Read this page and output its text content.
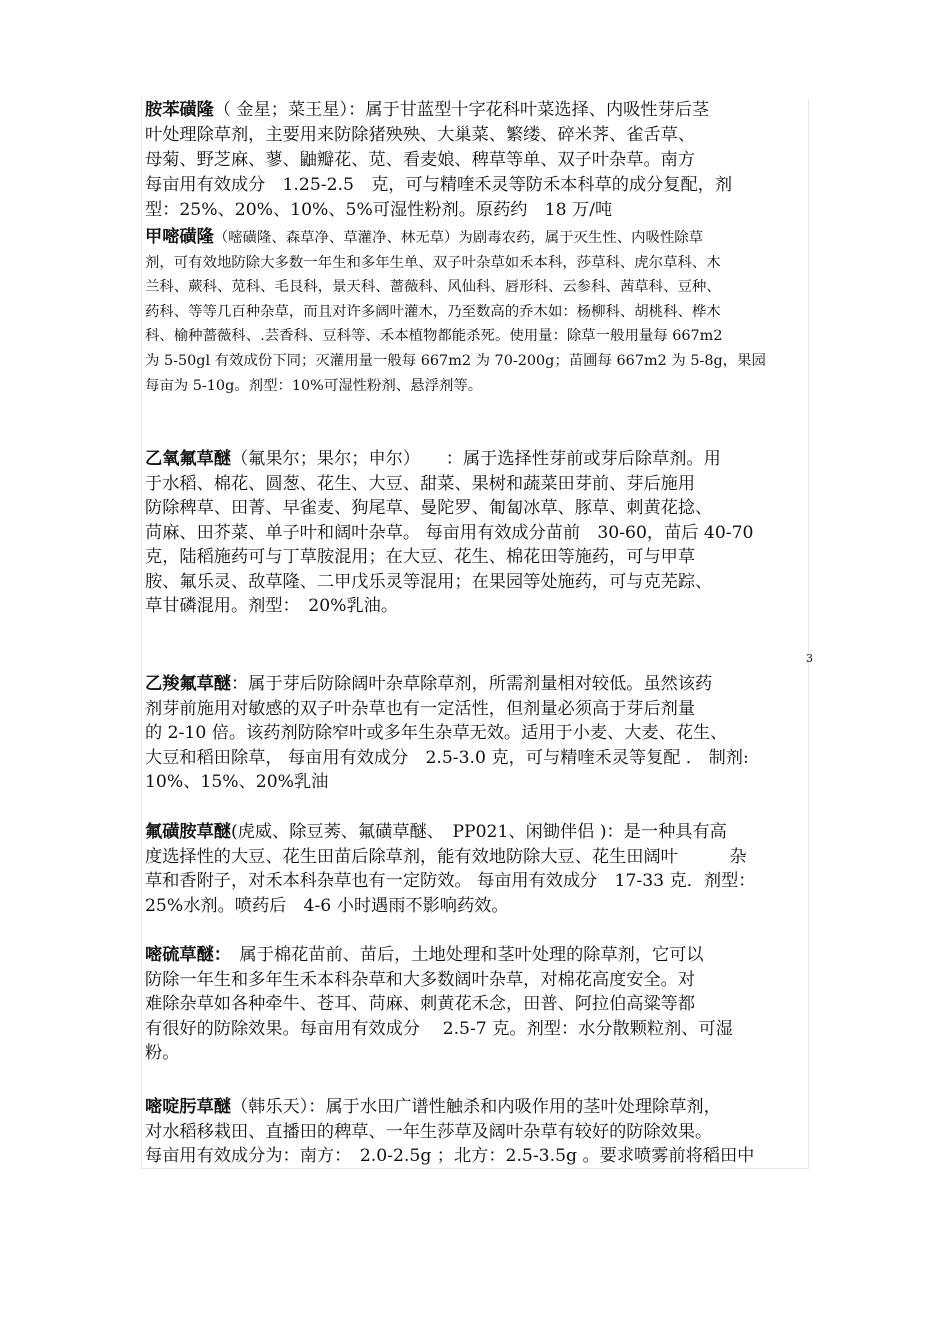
3
胺苯磺隆（ 金星；菜王星）：属于甘蓝型十字花科叶菜选择、内吸性芽后茎
叶处理除草剂，主要用来防除猪殃殃、大巢菜、繁缕、碎米荠、雀舌草、
母菊、野芝麻、蓼、鼬瓣花、苋、看麦娘、稗草等单、双子叶杂草。南方
每亩用有效成分　1.25-2.5　克，可与精喹禾灵等防禾本科草的成分复配，剂
型：25%、20%、10%、5%可湿性粉剂。原药约　18 万/吨
甲嘧磺隆（嘧磺隆、森草净、草灌净、林无草）为剧毒农药，属于灭生性、内吸性除草
剂，可有效地防除大多数一年生和多年生单、双子叶杂草如禾本科，莎草科、虎尔草科、木
兰科、蕨科、苋科、毛艮科，景天科、蔷薇科、风仙科、唇形科、云参科、茜草科、豆种、
药科、等等几百种杂草，而且对许多阔叶灌木，乃至数高的乔木如：杨柳科、胡桃科、桦木
科、榆种蔷薇科、.芸香科、豆科等、禾本植物都能杀死。使用量：除草一般用量每 667m2
为 5-50gl 有效成份下同；灭灌用量一般每 667m2 为 70-200g；苗圃每 667m2 为 5-8g，果园
每亩为 5-10g。剂型：10%可湿性粉剂、悬浮剂等。
乙氧氟草醚（氟果尔；果尔；申尔）　　：属于选择性芽前或芽后除草剂。用
于水稻、棉花、圆葱、花生、大豆、甜菜、果树和蔬菜田芽前、芽后施用
防除稗草、田菁、早雀麦、狗尾草、曼陀罗、匍匐冰草、豚草、刺黄花捻、
苘麻、田芥菜、单子叶和阔叶杂草。 每亩用有效成分苗前　30-60，苗后 40-70
克，陆稻施药可与丁草胺混用；在大豆、花生、棉花田等施药，可与甲草
胺、氟乐灵、敌草隆、二甲戊乐灵等混用；在果园等处施药，可与克芜踪、
草甘磷混用。剂型：　20%乳油。
乙羧氟草醚：属于芽后防除阔叶杂草除草剂，所需剂量相对较低。虽然该药
剂芽前施用对敏感的双子叶杂草也有一定活性，但剂量必须高于芽后剂量
的 2-10 倍。该药剂防除窄叶或多年生杂草无效。适用于小麦、大麦、花生、
大豆和稻田除草， 每亩用有效成分　2.5-3.0 克，可与精喹禾灵等复配 ． 制剂:
10%、15%、20%乳油
氟磺胺草醚(虎威、除豆莠、氟磺草醚、　PP021、闲锄伴侣 )：是一种具有高
度选择性的大豆、花生田苗后除草剂，能有效地防除大豆、花生田阔叶　　　杂
草和香附子，对禾本科杂草也有一定防效。 每亩用有效成分　17-33 克．剂型：
25%水剂。喷药后　4-6 小时遇雨不影响药效。
嘧硫草醚：　属于棉花苗前、苗后，土地处理和茎叶处理的除草剂，它可以
防除一年生和多年生禾本科杂草和大多数阔叶杂草，对棉花高度安全。对
难除杂草如各种牵牛、苍耳、苘麻、刺黄花禾念，田普、阿拉伯高粱等都
有很好的防除效果。每亩用有效成分　 2.5-7 克。剂型：水分散颗粒剂、可湿
粉。
嘧啶肟草醚（韩乐天）：属于水田广谱性触杀和内吸作用的茎叶处理除草剂，
对水稻移栽田、直播田的稗草、一年生莎草及阔叶杂草有较好的防除效果。
每亩用有效成分为：南方：　2.0-2.5g ；北方：2.5-3.5g 。要求喷雾前将稻田中
